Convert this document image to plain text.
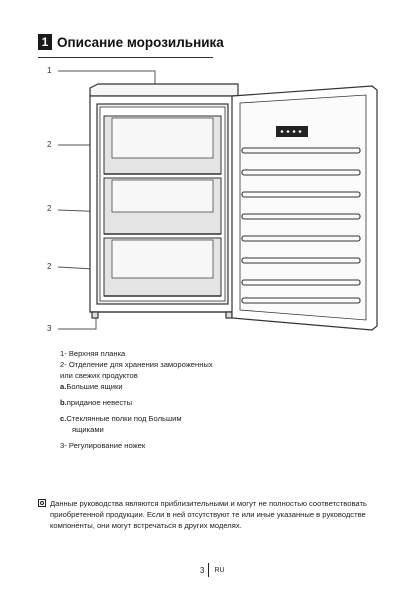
1 Описание морозильника
1
2
2
2
3

1- Верхняя планка

2- Отделение для хранения замороженных

или свежих продуктов

a.Большие ящики

b.приданое невесты

c.Стеклянные полки под Большим

ящиками

3- Регулирование ножек

Данные руководства являются приблизительными и могут не полностью соответствовать приобретенной продукции. Если в ней отсутствуют те или иные указанные в руководстве компоненты, они могут встречаться в других моделях.
3 RU
